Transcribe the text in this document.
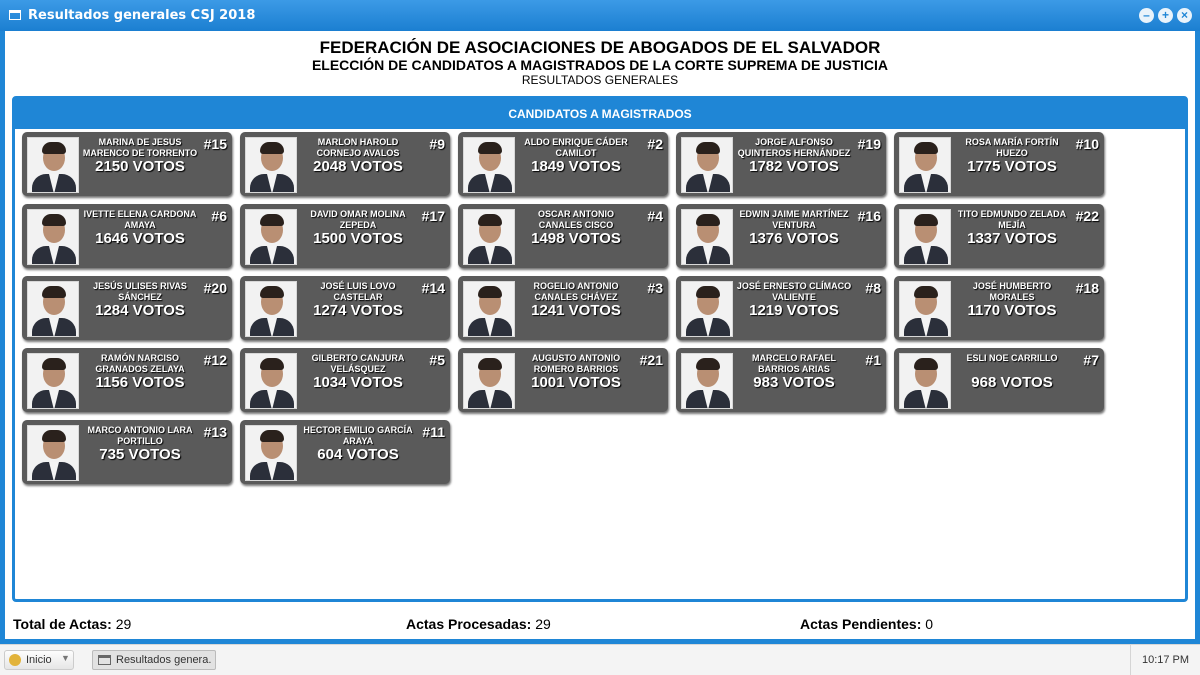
Resultados generales CSJ 2018	–	+ ×
FEDERACIÓN DE ASOCIACIONES DE ABOGADOS DE EL SALVADOR
ELECCIÓN DE CANDIDATOS A MAGISTRADOS DE LA CORTE SUPREMA DE JUSTICIA
RESULTADOS GENERALES
CANDIDATOS A MAGISTRADOS
MARINA DE JESUS MARENCO DE TORRENTO
2150 VOTOS
#15	MARLON HAROLD CORNEJO AVALOS
2048 VOTOS
#9	ALDO ENRIQUE CÁDER CAMILOT
1849 VOTOS
#2	JORGE ALFONSO QUINTEROS HERNÁNDEZ
1782 VOTOS
#19	ROSA MARÍA FORTÍN HUEZO
1775 VOTOS
#10
IVETTE ELENA CARDONA AMAYA
1646 VOTOS
#6	DAVID OMAR MOLINA ZEPEDA
1500 VOTOS
#17	OSCAR ANTONIO CANALES CISCO
1498 VOTOS
#4	EDWIN JAIME MARTÍNEZ VENTURA
1376 VOTOS
#16	TITO EDMUNDO ZELADA MEJÍA
1337 VOTOS
#22
JESÚS ULISES RIVAS SÁNCHEZ
1284 VOTOS
#20	JOSÉ LUIS LOVO CASTELAR
1274 VOTOS
#14	ROGELIO ANTONIO CANALES CHÁVEZ
1241 VOTOS
#3	JOSÉ ERNESTO CLÍMACO VALIENTE
1219 VOTOS
#8	JOSÉ HUMBERTO MORALES
1170 VOTOS
#18
RAMÓN NARCISO GRANADOS ZELAYA
1156 VOTOS
#12	GILBERTO CANJURA VELÁSQUEZ
1034 VOTOS
#5	AUGUSTO ANTONIO ROMERO BARRIOS
1001 VOTOS
#21	MARCELO RAFAEL BARRIOS ARIAS
983 VOTOS
#1	ESLI NOE CARRILLO
968 VOTOS
#7
MARCO ANTONIO LARA PORTILLO
735 VOTOS
#13	HECTOR EMILIO GARCÍA ARAYA
604 VOTOS
#11
Total de Actas: 29	Actas Procesadas: 29	Actas Pendientes: 0
Inicio ▼	Resultados genera.	10:17 PM
